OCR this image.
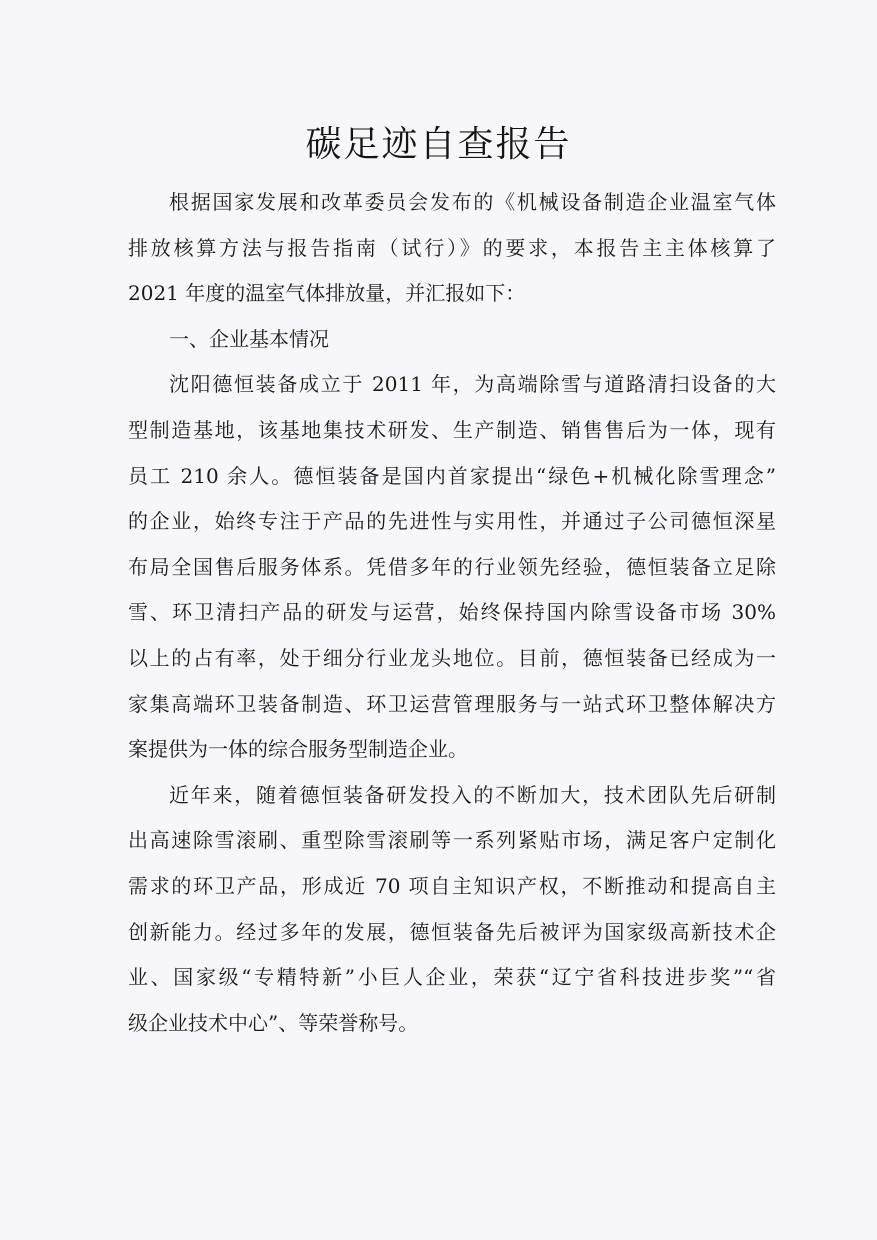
碳足迹自查报告
根据国家发展和改革委员会发布的《机械设备制造企业温室气体
排放核算方法与报告指南（试行）》的要求，本报告主主体核算了
2021 年度的温室气体排放量，并汇报如下：
一、企业基本情况
沈阳德恒装备成立于 2011 年，为高端除雪与道路清扫设备的大
型制造基地，该基地集技术研发、生产制造、销售售后为一体，现有
员工 210 余人。德恒装备是国内首家提出“绿色+机械化除雪理念”
的企业，始终专注于产品的先进性与实用性，并通过子公司德恒深星
布局全国售后服务体系。凭借多年的行业领先经验，德恒装备立足除
雪、环卫清扫产品的研发与运营，始终保持国内除雪设备市场 30%
以上的占有率，处于细分行业龙头地位。目前，德恒装备已经成为一
家集高端环卫装备制造、环卫运营管理服务与一站式环卫整体解决方
案提供为一体的综合服务型制造企业。
近年来，随着德恒装备研发投入的不断加大，技术团队先后研制
出高速除雪滚刷、重型除雪滚刷等一系列紧贴市场，满足客户定制化
需求的环卫产品，形成近 70 项自主知识产权，不断推动和提高自主
创新能力。经过多年的发展，德恒装备先后被评为国家级高新技术企
业、国家级“专精特新”小巨人企业，荣获“辽宁省科技进步奖”“省
级企业技术中心”、等荣誉称号。
